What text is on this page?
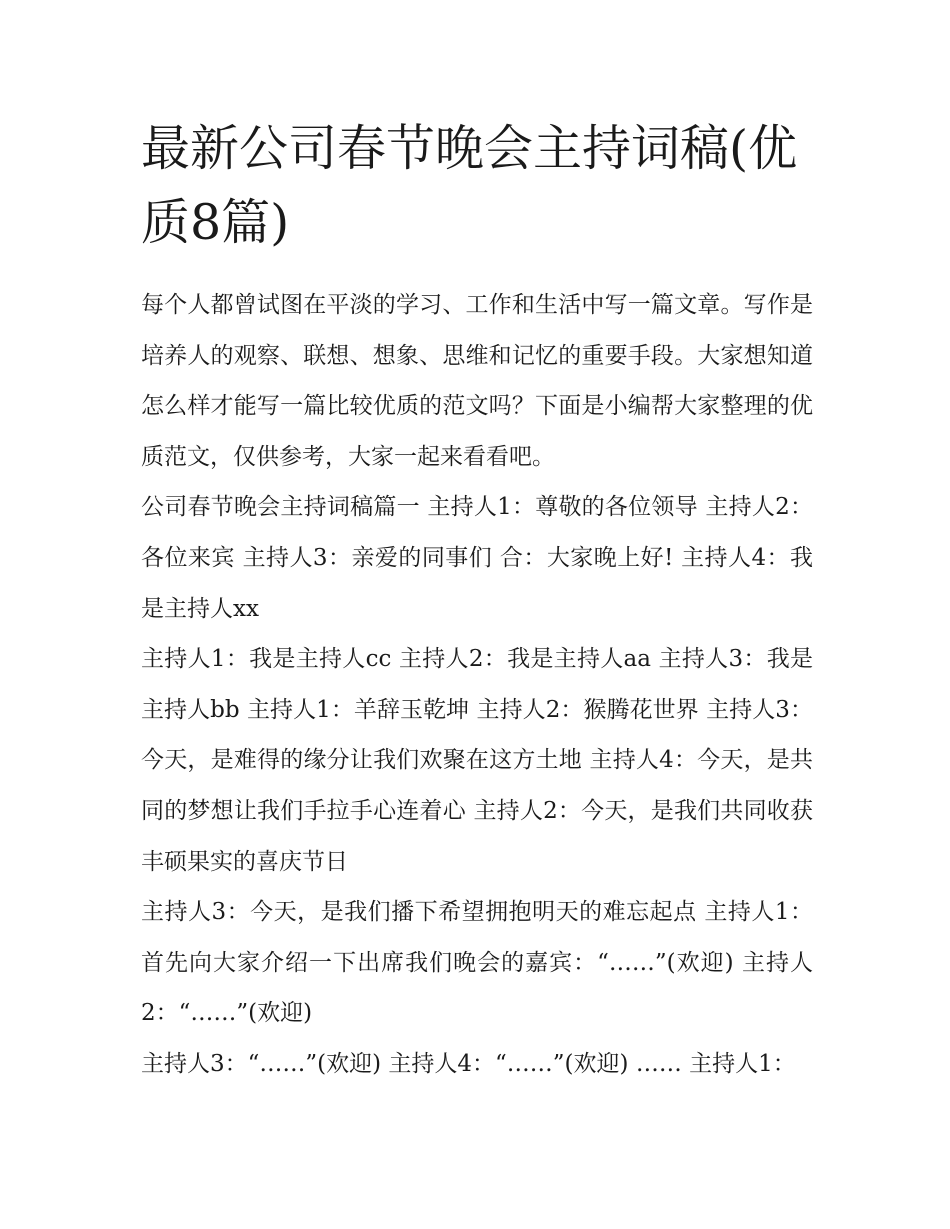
最新公司春节晚会主持词稿(优质8篇)

每个人都曾试图在平淡的学习、工作和生活中写一篇文章。写作是培养人的观察、联想、想象、思维和记忆的重要手段。大家想知道怎么样才能写一篇比较优质的范文吗？下面是小编帮大家整理的优质范文，仅供参考，大家一起来看看吧。

公司春节晚会主持词稿篇一 主持人1：尊敬的各位领导 主持人2：各位来宾 主持人3：亲爱的同事们 合：大家晚上好! 主持人4：我是主持人xx

主持人1：我是主持人cc 主持人2：我是主持人aa 主持人3：我是主持人bb 主持人1：羊辞玉乾坤 主持人2：猴腾花世界 主持人3：今天，是难得的缘分让我们欢聚在这方土地 主持人4：今天，是共同的梦想让我们手拉手心连着心 主持人2：今天，是我们共同收获丰硕果实的喜庆节日

主持人3：今天，是我们播下希望拥抱明天的难忘起点 主持人1：首先向大家介绍一下出席我们晚会的嘉宾：“……”(欢迎) 主持人2：“……”(欢迎)

主持人3：“……”(欢迎) 主持人4：“……”(欢迎) …… 主持人1：
